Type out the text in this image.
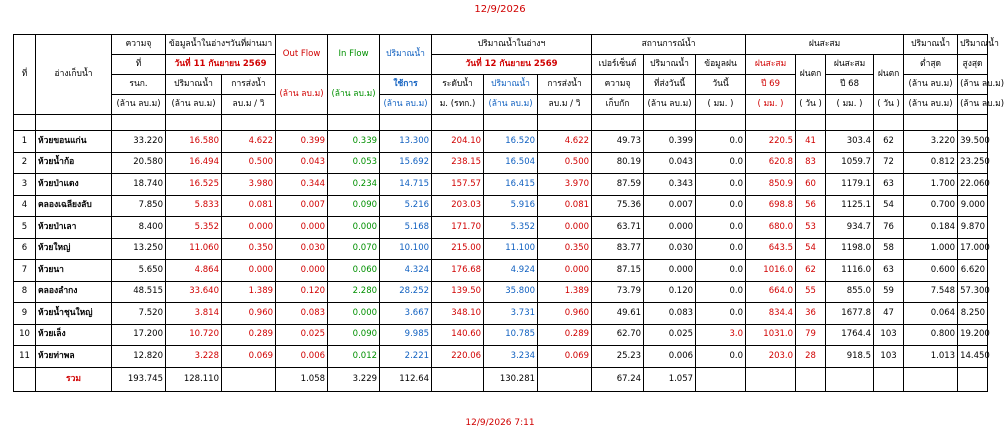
12/9/2026
ที่	อ่างเก็บน้ำ	ความจุ	ข้อมูลน้ำในอ่างฯวันที่ผ่านมา		Out Flow	In Flow	ปริมาณน้ำ	ปริมาณน้ำในอ่างฯ			สถานการณ์น้ำ			ฝนสะสม				ปริมาณน้ำ	ปริมาณน้ำ
		ที่	วันที่ 11 กันยายน 2569					วันที่ 12 กันยายน 2569			เปอร์เซ็นต์	ปริมาณน้ำ	ข้อมูลฝน	ฝนสะสม	ฝนตก	ฝนสะสม	ฝนตก	ต่ำสุด	สูงสุด
		รนก.	ปริมาณน้ำ	การส่งน้ำ	(ล้าน ลบ.ม)	(ล้าน ลบ.ม)	ใช้การ	ระดับน้ำ	ปริมาณน้ำ	การส่งน้ำ	ความจุ	ที่ส่งวันนี้	วันนี้	ปี 69		ปี 68		(ล้าน ลบ.ม)	(ล้าน ลบ.ม)
		(ล้าน ลบ.ม)	(ล้าน ลบ.ม)	ลบ.ม / วิ			(ล้าน ลบ.ม)	ม. (รทก.)	(ล้าน ลบ.ม)	ลบ.ม / วิ	เก็บกัก	(ล้าน ลบ.ม)	( มม. )	( มม. )	( วัน )	( มม. )	( วัน )	(ล้าน ลบ.ม)	(ล้าน ลบ.ม)

1	ห้วยขอนแก่น	33.220	16.580	4.622	0.399	0.339	13.300	204.10	16.520	4.622	49.73	0.399	0.0	220.5	41	303.4	62	3.220	39.500
2	ห้วยน้ำก้อ	20.580	16.494	0.500	0.043	0.053	15.692	238.15	16.504	0.500	80.19	0.043	0.0	620.8	83	1059.7	72	0.812	23.250
3	ห้วยป่าแดง	18.740	16.525	3.980	0.344	0.234	14.715	157.57	16.415	3.970	87.59	0.343	0.0	850.9	60	1179.1	63	1.700	22.060
4	คลองเฉลียงลับ	7.850	5.833	0.081	0.007	0.090	5.216	203.03	5.916	0.081	75.36	0.007	0.0	698.8	56	1125.1	54	0.700	9.000
5	ห้วยป่าเลา	8.400	5.352	0.000	0.000	0.000	5.168	171.70	5.352	0.000	63.71	0.000	0.0	680.0	53	934.7	76	0.184	9.870
6	ห้วยใหญ่	13.250	11.060	0.350	0.030	0.070	10.100	215.00	11.100	0.350	83.77	0.030	0.0	643.5	54	1198.0	58	1.000	17.000
7	ห้วยนา	5.650	4.864	0.000	0.000	0.060	4.324	176.68	4.924	0.000	87.15	0.000	0.0	1016.0	62	1116.0	63	0.600	6.620
8	คลองลำกง	48.515	33.640	1.389	0.120	2.280	28.252	139.50	35.800	1.389	73.79	0.120	0.0	664.0	55	855.0	59	7.548	57.300
9	ห้วยน้ำชุนใหญ่	7.520	3.814	0.960	0.083	0.000	3.667	348.10	3.731	0.960	49.61	0.083	0.0	834.4	36	1677.8	47	0.064	8.250
10	ห้วยเล็ง	17.200	10.720	0.289	0.025	0.090	9.985	140.60	10.785	0.289	62.70	0.025	3.0	1031.0	79	1764.4	103	0.800	19.200
11	ห้วยท่าพล	12.820	3.228	0.069	0.006	0.012	2.221	220.06	3.234	0.069	25.23	0.006	0.0	203.0	28	918.5	103	1.013	14.450
	รวม	193.745	128.110		1.058	3.229	112.64		130.281		67.24	1.057							
12/9/2026 7:11
